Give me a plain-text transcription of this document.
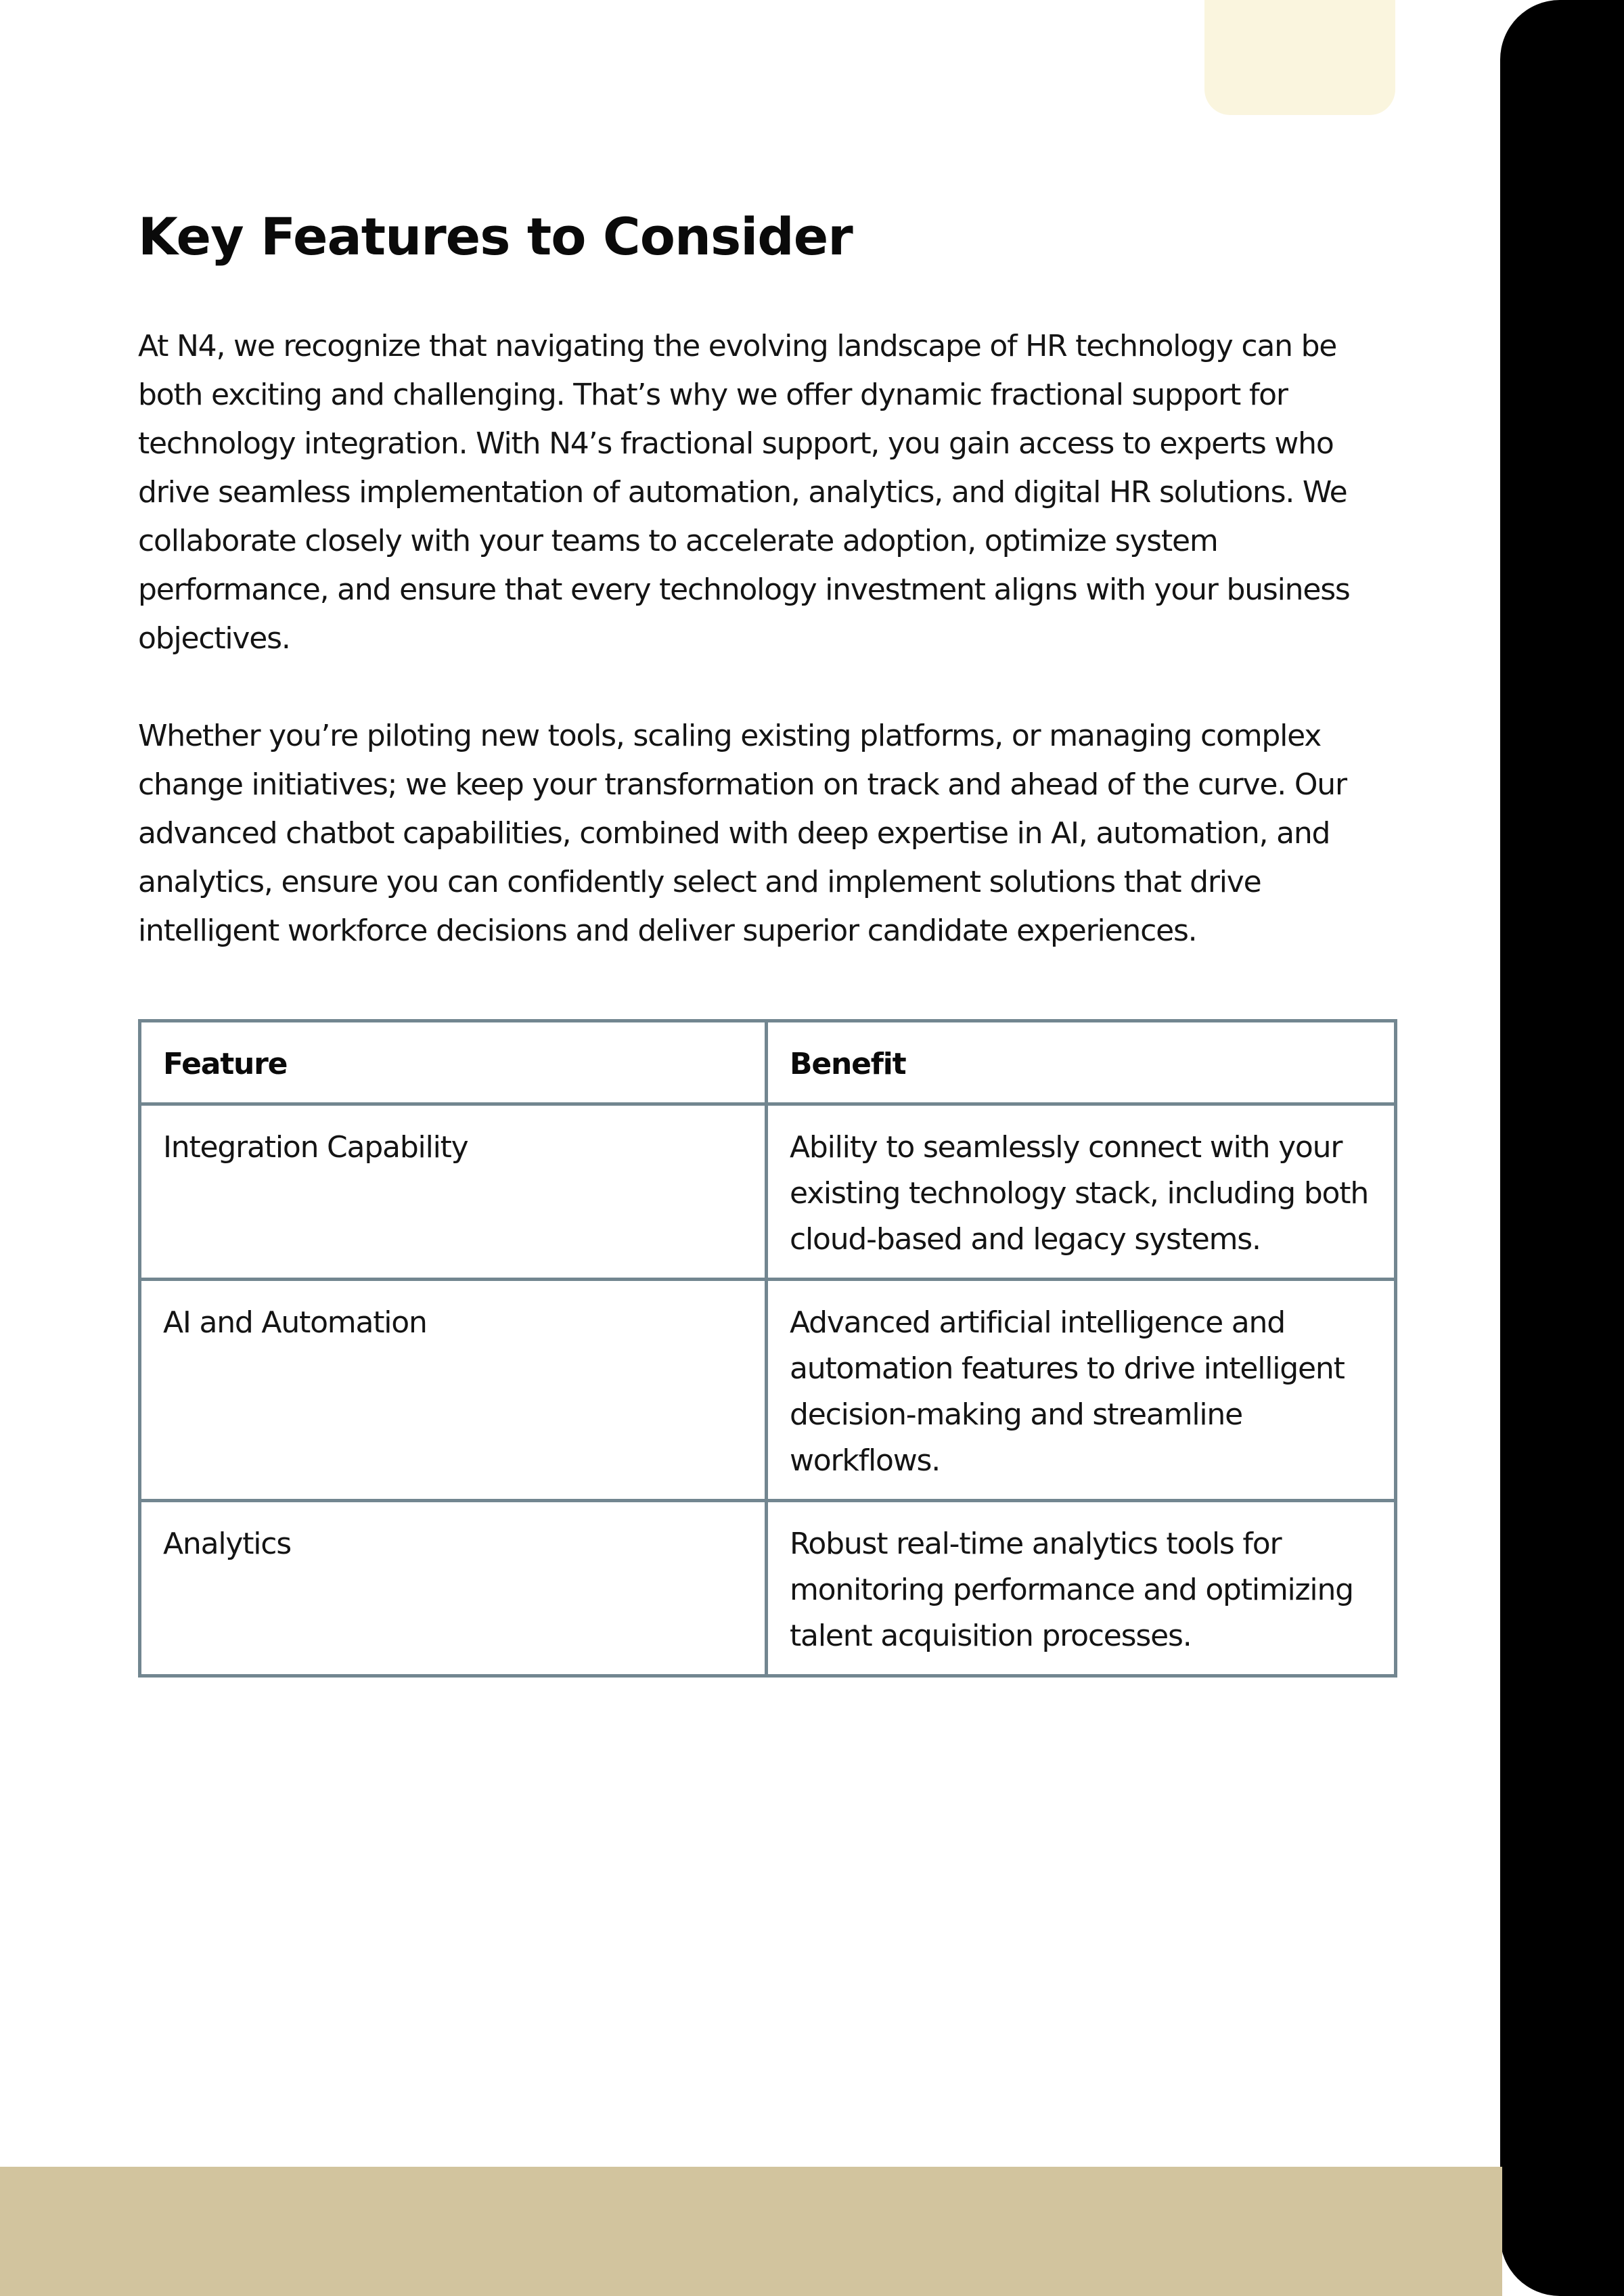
Key Features to Consider

At N4, we recognize that navigating the evolving landscape of HR technology can be both exciting and challenging. That’s why we offer dynamic fractional support for technology integration. With N4’s fractional support, you gain access to experts who drive seamless implementation of automation, analytics, and digital HR solutions. We collaborate closely with your teams to accelerate adoption, optimize system performance, and ensure that every technology investment aligns with your business objectives.

Whether you’re piloting new tools, scaling existing platforms, or managing complex change initiatives; we keep your transformation on track and ahead of the curve. Our advanced chatbot capabilities, combined with deep expertise in AI, automation, and analytics, ensure you can confidently select and implement solutions that drive intelligent workforce decisions and deliver superior candidate experiences.

Feature	Benefit
Integration Capability	Ability to seamlessly connect with your existing technology stack, including both cloud-based and legacy systems.
AI and Automation	Advanced artificial intelligence and automation features to drive intelligent decision-making and streamline workflows.
Analytics	Robust real-time analytics tools for monitoring performance and optimizing talent acquisition processes.
